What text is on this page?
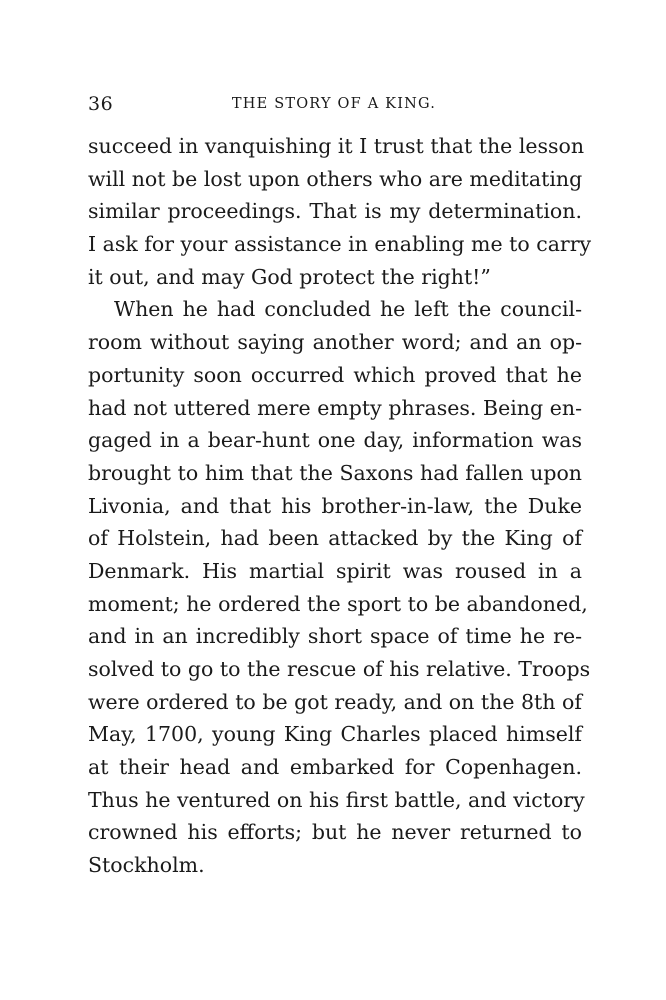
36	THE STORY OF A KING.
succeed in vanquishing it I trust that the lesson
will not be lost upon others who are meditating
similar proceedings. That is my determination.
I ask for your assistance in enabling me to carry
it out, and may God protect the right!”
When he had concluded he left the council-
room without saying another word; and an op-
portunity soon occurred which proved that he
had not uttered mere empty phrases. Being en-
gaged in a bear-hunt one day, information was
brought to him that the Saxons had fallen upon
Livonia, and that his brother-in-law, the Duke
of Holstein, had been attacked by the King of
Denmark. His martial spirit was roused in a
moment; he ordered the sport to be abandoned,
and in an incredibly short space of time he re-
solved to go to the rescue of his relative. Troops
were ordered to be got ready, and on the 8th of
May, 1700, young King Charles placed himself
at their head and embarked for Copenhagen.
Thus he ventured on his first battle, and victory
crowned his efforts; but he never returned to
Stockholm.
